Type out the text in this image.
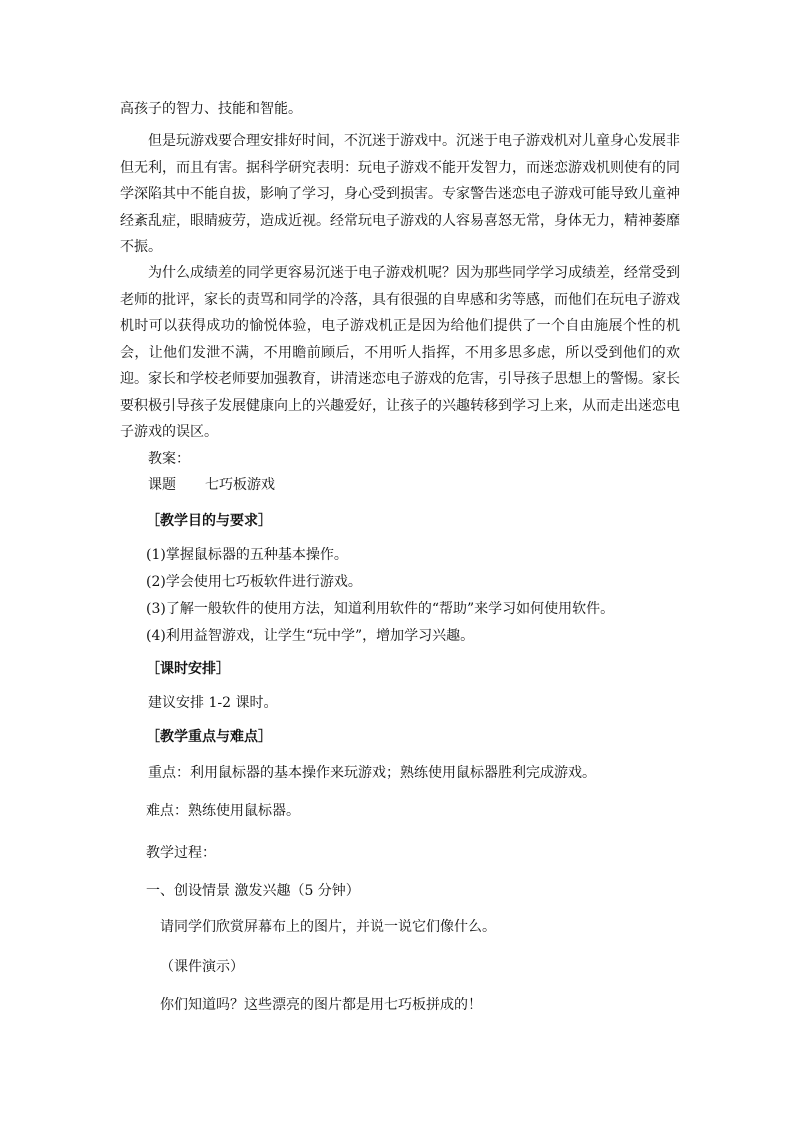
高孩子的智力、技能和智能。

但是玩游戏要合理安排好时间，不沉迷于游戏中。沉迷于电子游戏机对儿童身心发展非但无利，而且有害。据科学研究表明：玩电子游戏不能开发智力，而迷恋游戏机则使有的同学深陷其中不能自拔，影响了学习，身心受到损害。专家警告迷恋电子游戏可能导致儿童神经紊乱症，眼睛疲劳，造成近视。经常玩电子游戏的人容易喜怒无常，身体无力，精神萎靡不振。

为什么成绩差的同学更容易沉迷于电子游戏机呢？因为那些同学学习成绩差，经常受到老师的批评，家长的责骂和同学的冷落，具有很强的自卑感和劣等感，而他们在玩电子游戏机时可以获得成功的愉悦体验，电子游戏机正是因为给他们提供了一个自由施展个性的机会，让他们发泄不满，不用瞻前顾后，不用听人指挥，不用多思多虑，所以受到他们的欢迎。家长和学校老师要加强教育，讲清迷恋电子游戏的危害，引导孩子思想上的警惕。家长要积极引导孩子发展健康向上的兴趣爱好，让孩子的兴趣转移到学习上来，从而走出迷恋电子游戏的误区。

教案：

课题 七巧板游戏

［教学目的与要求］

(1)掌握鼠标器的五种基本操作。

(2)学会使用七巧板软件进行游戏。

(3)了解一般软件的使用方法，知道利用软件的“帮助”来学习如何使用软件。

(4)利用益智游戏，让学生“玩中学”，增加学习兴趣。

［课时安排］

建议安排 1-2 课时。

［教学重点与难点］

重点：利用鼠标器的基本操作来玩游戏；熟练使用鼠标器胜利完成游戏。

难点：熟练使用鼠标器。

教学过程：

一、创设情景 激发兴趣（5 分钟）

请同学们欣赏屏幕布上的图片，并说一说它们像什么。

（课件演示）

你们知道吗？这些漂亮的图片都是用七巧板拼成的！
